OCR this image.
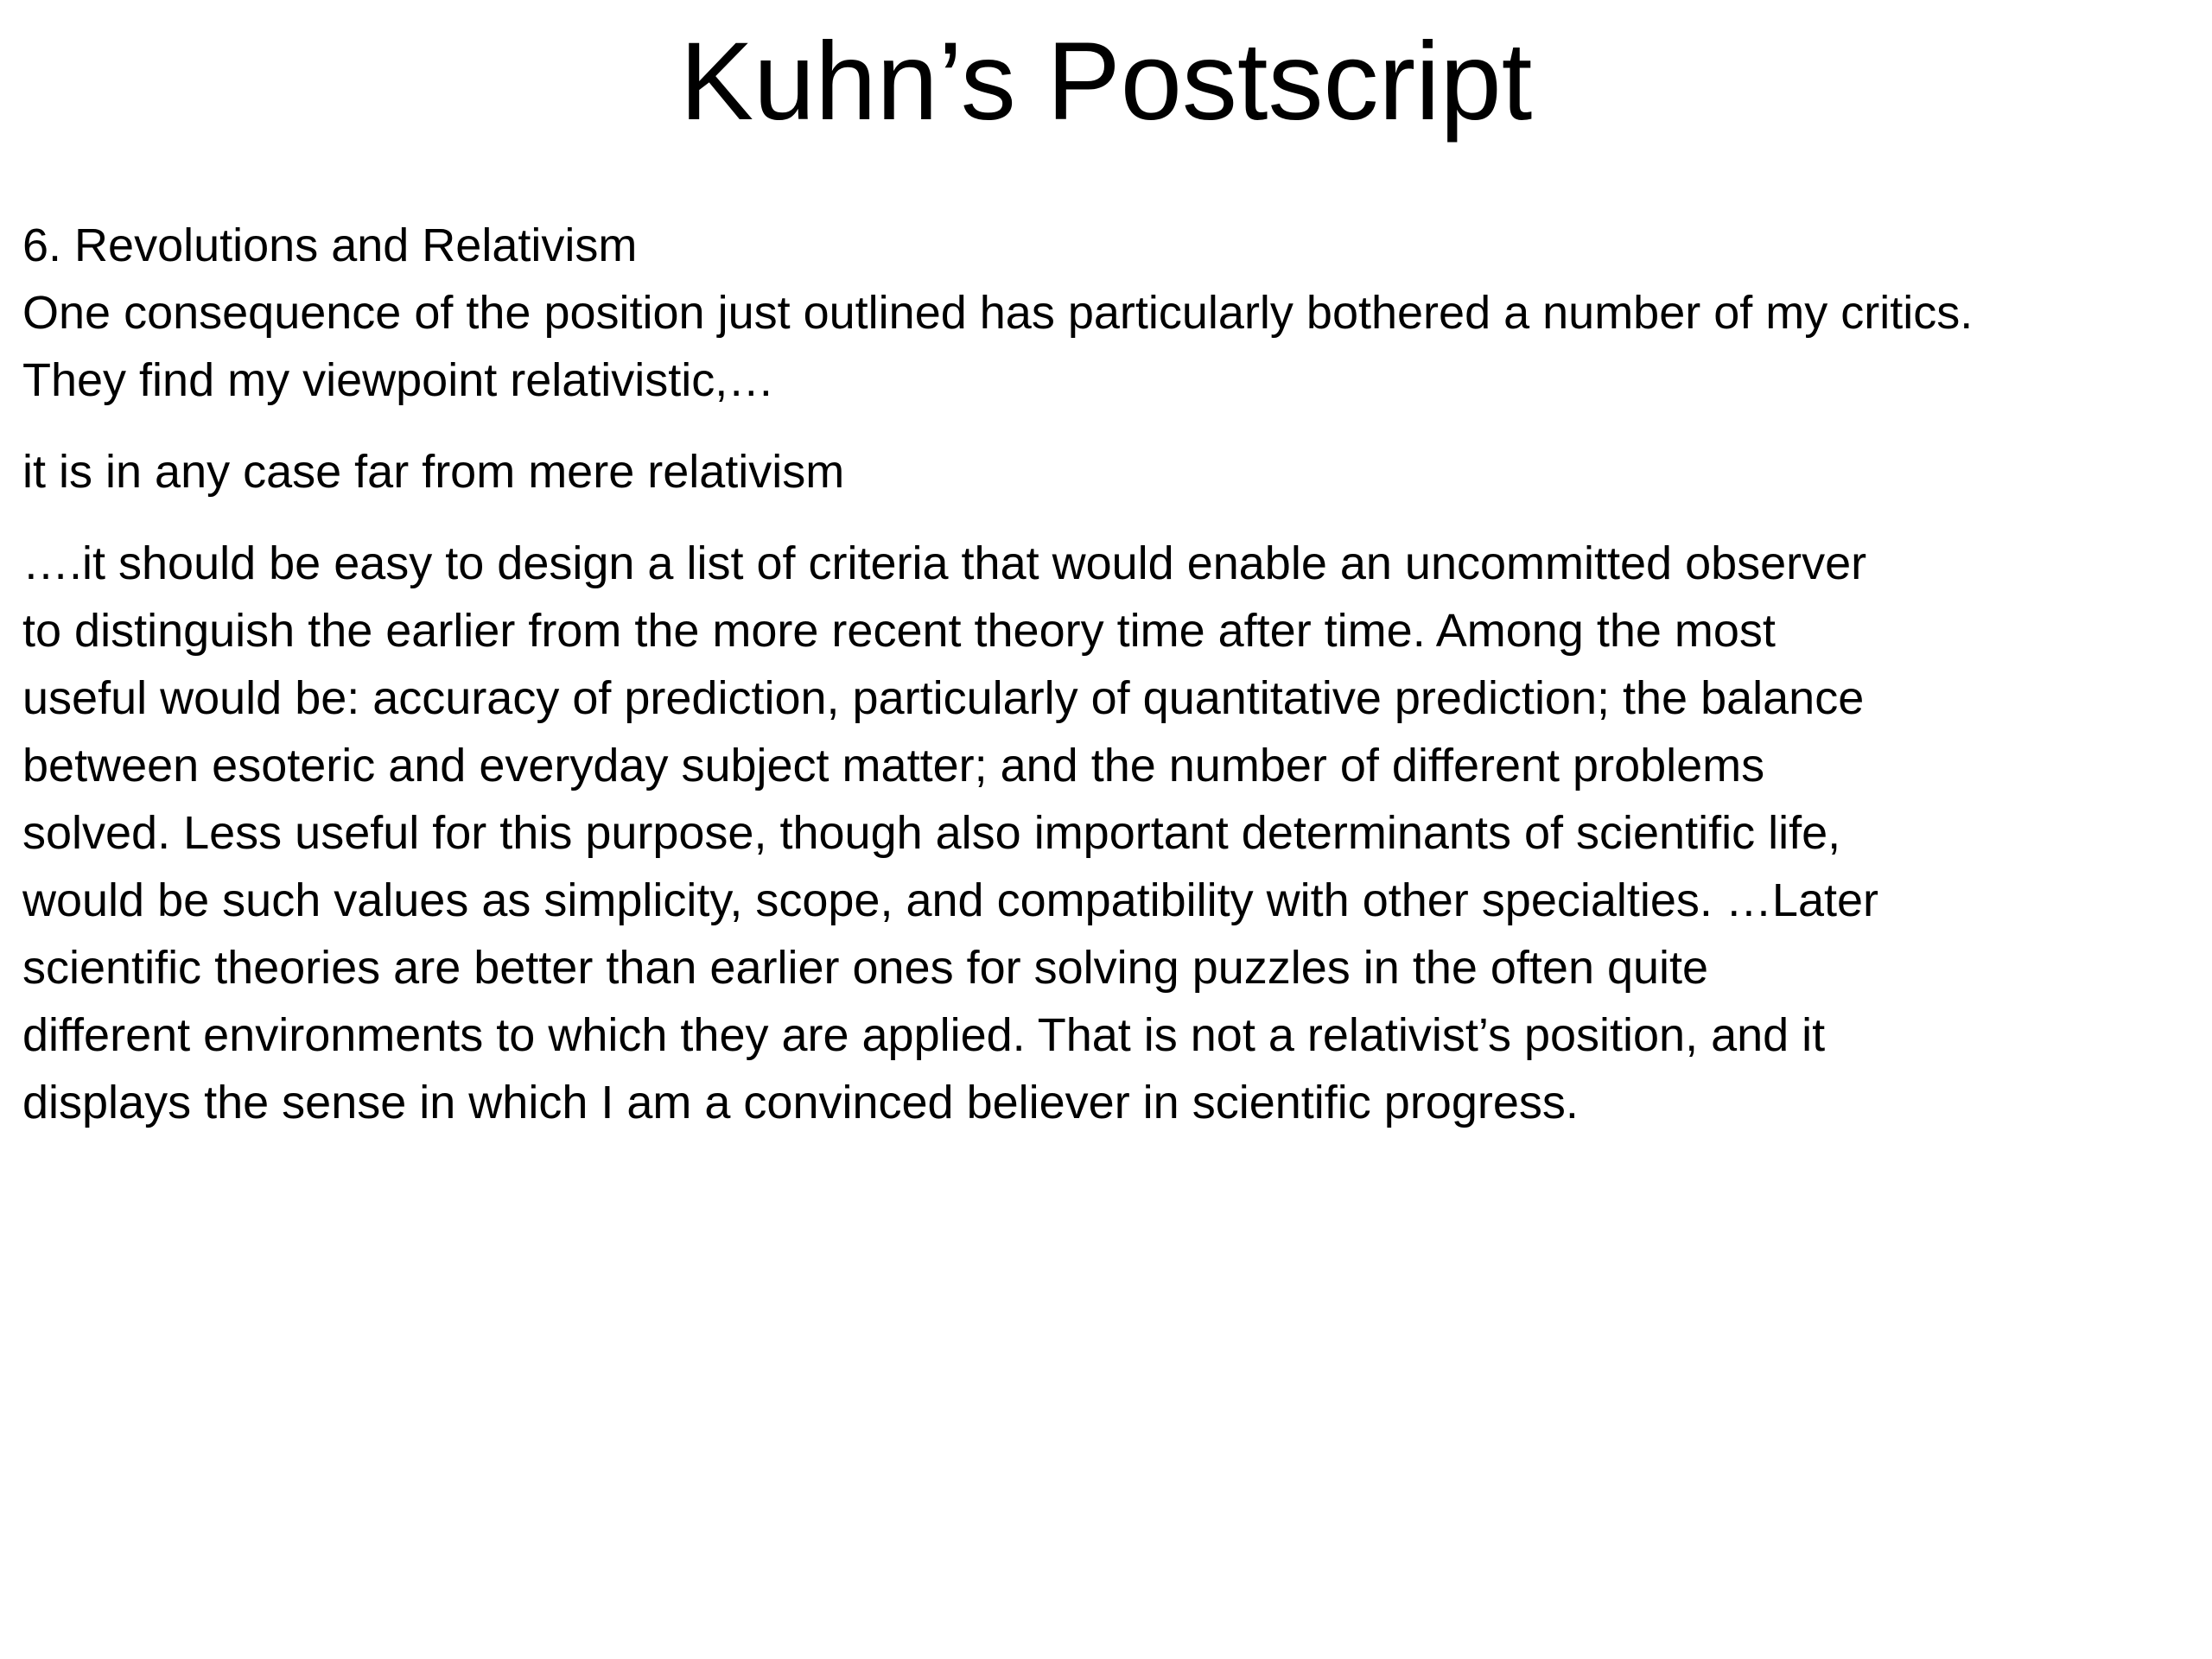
Kuhn’s Postscript

6. Revolutions and Relativism

One consequence of the position just outlined has particularly bothered a number of my critics.
They find my viewpoint relativistic,…

it is in any case far from mere relativism

….it should be easy to design a list of criteria that would enable an uncommitted observer
to distinguish the earlier from the more recent theory time after time. Among the most
useful would be: accuracy of prediction, particularly of quantitative prediction; the balance
between esoteric and everyday subject matter; and the number of different problems
solved. Less useful for this purpose, though also important determinants of scientific life,
would be such values as simplicity, scope, and compatibility with other specialties. …Later
scientific theories are better than earlier ones for solving puzzles in the often quite
different environments to which they are applied. That is not a relativist’s position, and it
displays the sense in which I am a convinced believer in scientific progress.
